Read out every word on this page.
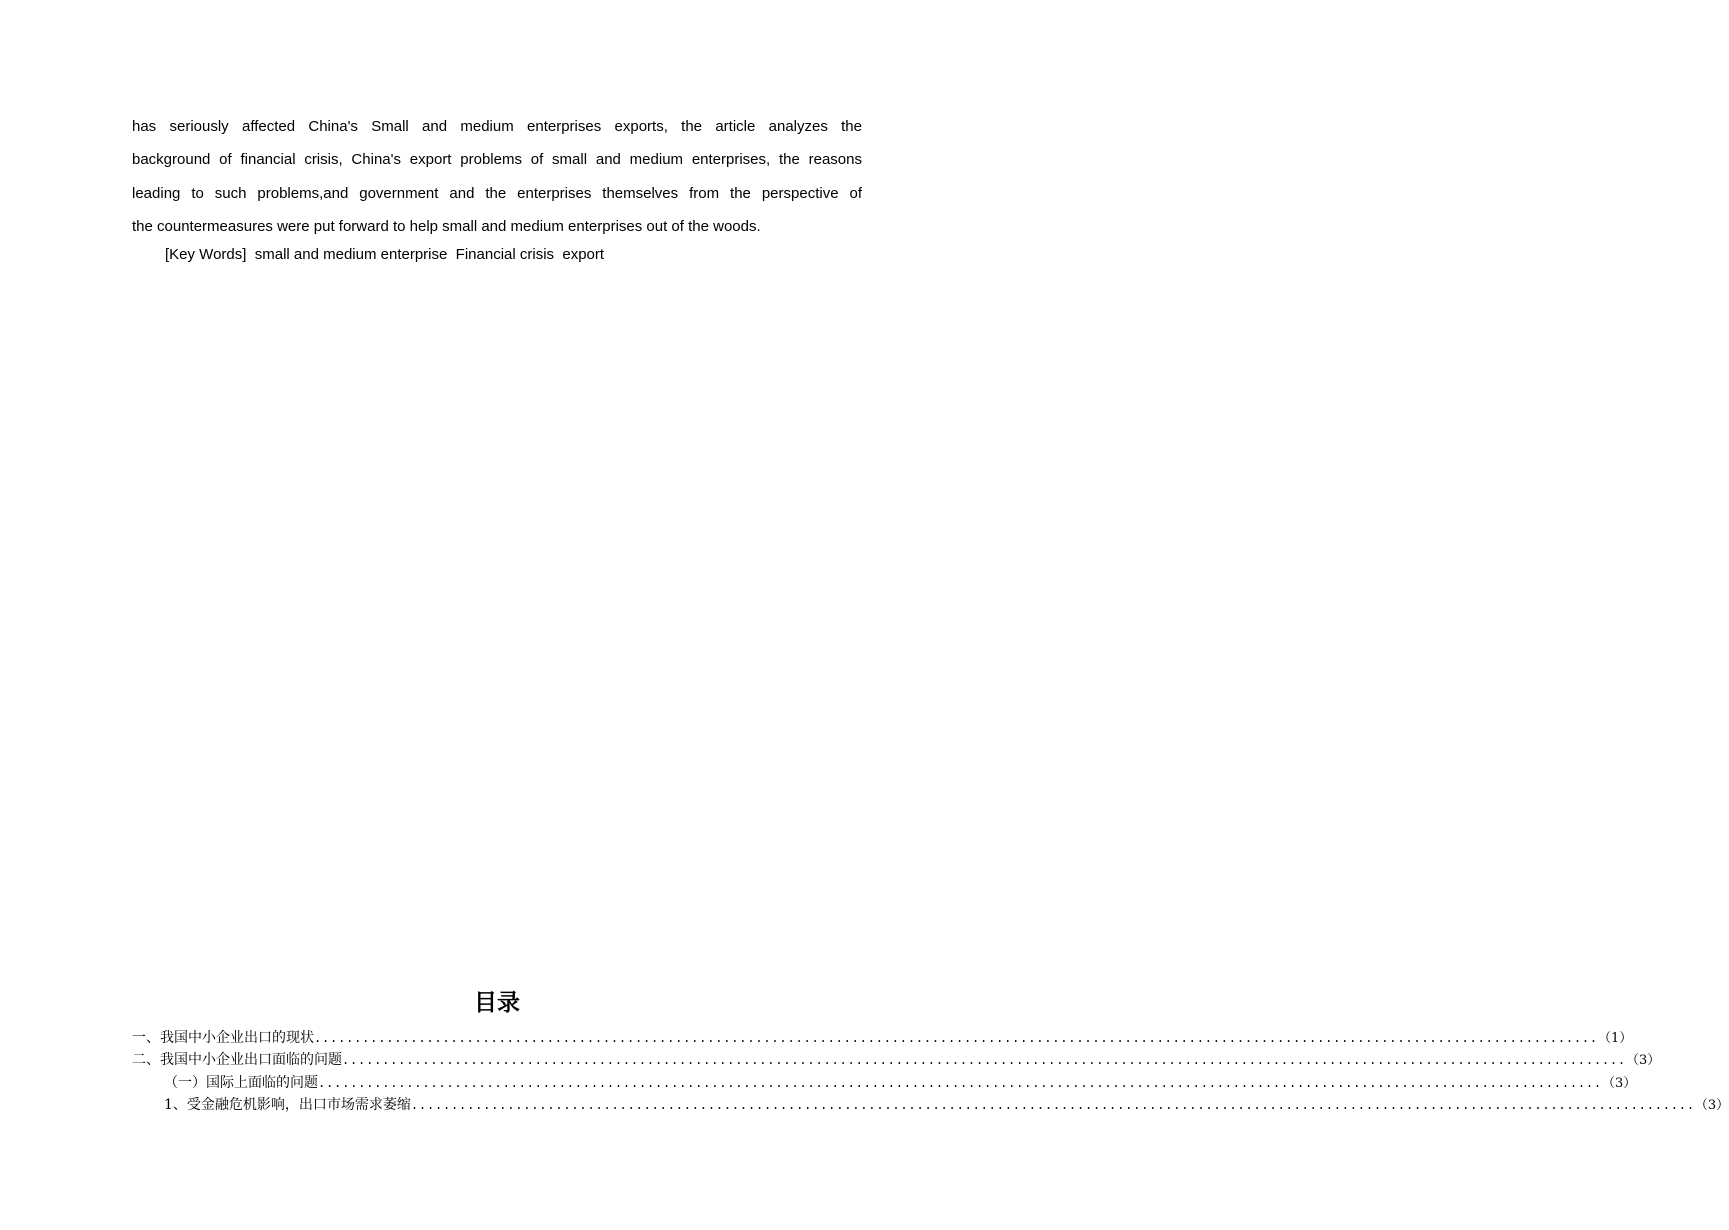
has seriously affected China's Small and medium enterprises exports, the article analyzes the
background of financial crisis, China's export problems of small and medium enterprises, the reasons
leading to such problems,and government and the enterprises themselves from the perspective of
the countermeasures were put forward to help small and medium enterprises out of the woods.
[Key Words]  small and medium enterprise  Financial crisis  export
目录
一、我国中小企业出口的现状 ................................................................................................................................................................ （1）
二、我国中小企业出口面临的问题 ................................................................................................................................................................ （3）
（一）国际上面临的问题 ................................................................................................................................................................ （3）
1、受金融危机影响，出口市场需求萎缩 ................................................................................................................................................................ （3）
